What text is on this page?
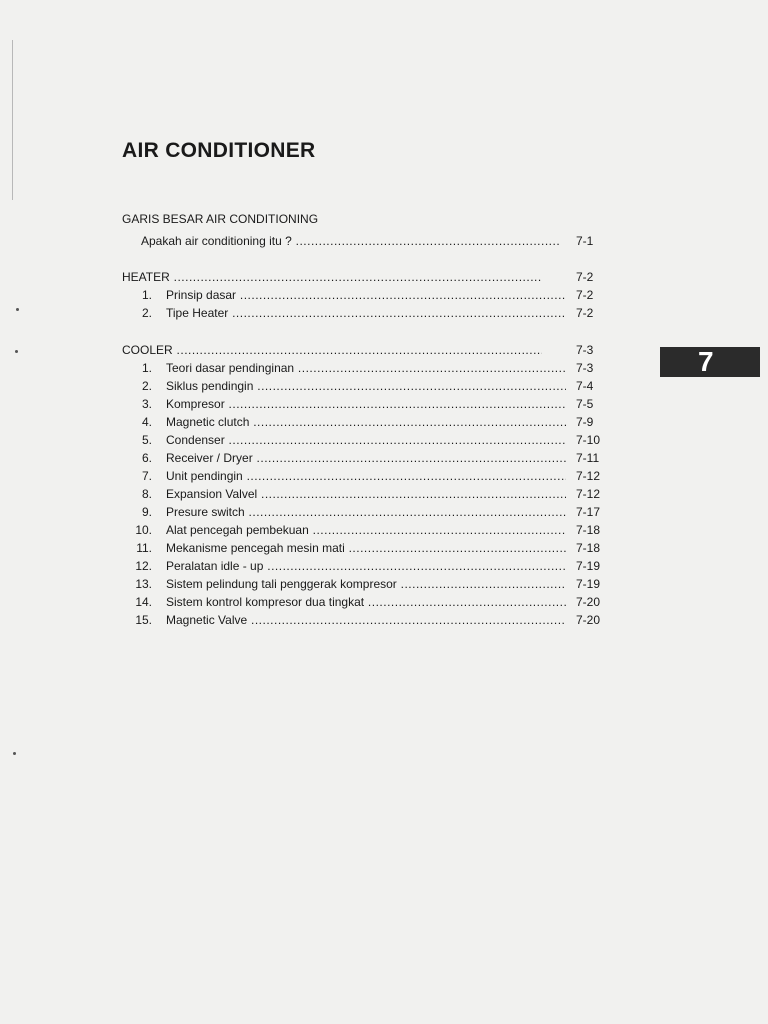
AIR CONDITIONER
GARIS BESAR AIR CONDITIONING
Apakah air conditioning itu ? .....	7-1
HEATER .....	7-2
1. Prinsip dasar .....	7-2
2. Tipe Heater .....	7-2
COOLER .....	7-3
1. Teori dasar pendinginan .....	7-3
2. Siklus pendingin .....	7-4
3. Kompresor .....	7-5
4. Magnetic clutch .....	7-9
5. Condenser .....	7-10
6. Receiver / Dryer .....	7-11
7. Unit pendingin .....	7-12
8. Expansion Valvel .....	7-12
9. Presure switch .....	7-17
10. Alat pencegah pembekuan .....	7-18
11. Mekanisme pencegah mesin mati .....	7-18
12. Peralatan idle - up .....	7-19
13. Sistem pelindung tali penggerak kompresor .....	7-19
14. Sistem kontrol kompresor dua tingkat .....	7-20
15. Magnetic Valve .....	7-20
7
